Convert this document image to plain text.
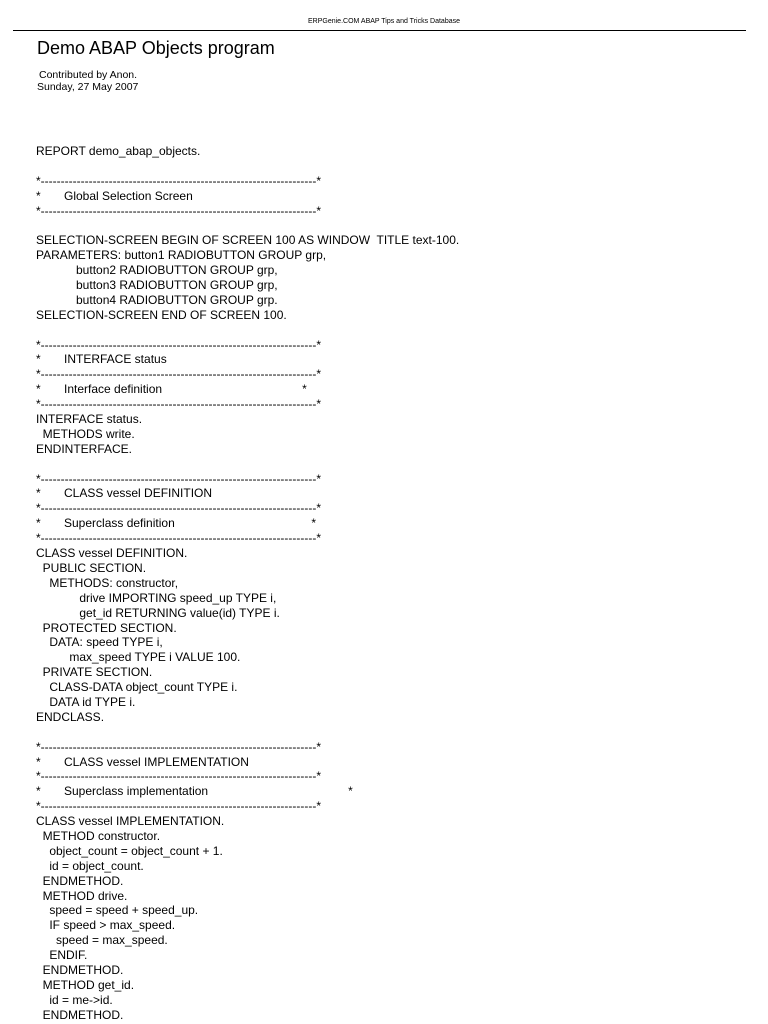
ERPGenie.COM ABAP Tips and Tricks Database
Demo ABAP Objects program
Contributed by Anon.
Sunday, 27 May 2007
REPORT demo_abap_objects.
*---------------------------------------------------------------------*
*       Global Selection Screen
*---------------------------------------------------------------------*
SELECTION-SCREEN BEGIN OF SCREEN 100 AS WINDOW  TITLE text-100.
PARAMETERS: button1 RADIOBUTTON GROUP grp,
button2 RADIOBUTTON GROUP grp,
button3 RADIOBUTTON GROUP grp,
button4 RADIOBUTTON GROUP grp.
SELECTION-SCREEN END OF SCREEN 100.
*---------------------------------------------------------------------*
*       INTERFACE status
*---------------------------------------------------------------------*
*       Interface definition                                          *
*---------------------------------------------------------------------*
INTERFACE status.
METHODS write.
ENDINTERFACE.
*---------------------------------------------------------------------*
*       CLASS vessel DEFINITION
*---------------------------------------------------------------------*
*       Superclass definition                                         *
*---------------------------------------------------------------------*
CLASS vessel DEFINITION.
PUBLIC SECTION.
METHODS: constructor,
drive IMPORTING speed_up TYPE i,
get_id RETURNING value(id) TYPE i.
PROTECTED SECTION.
DATA: speed TYPE i,
max_speed TYPE i VALUE 100.
PRIVATE SECTION.
CLASS-DATA object_count TYPE i.
DATA id TYPE i.
ENDCLASS.
*---------------------------------------------------------------------*
*       CLASS vessel IMPLEMENTATION
*---------------------------------------------------------------------*
*       Superclass implementation                                          *
*---------------------------------------------------------------------*
CLASS vessel IMPLEMENTATION.
METHOD constructor.
object_count = object_count + 1.
id = object_count.
ENDMETHOD.
METHOD drive.
speed = speed + speed_up.
IF speed > max_speed.
speed = max_speed.
ENDIF.
ENDMETHOD.
METHOD get_id.
id = me->id.
ENDMETHOD.
